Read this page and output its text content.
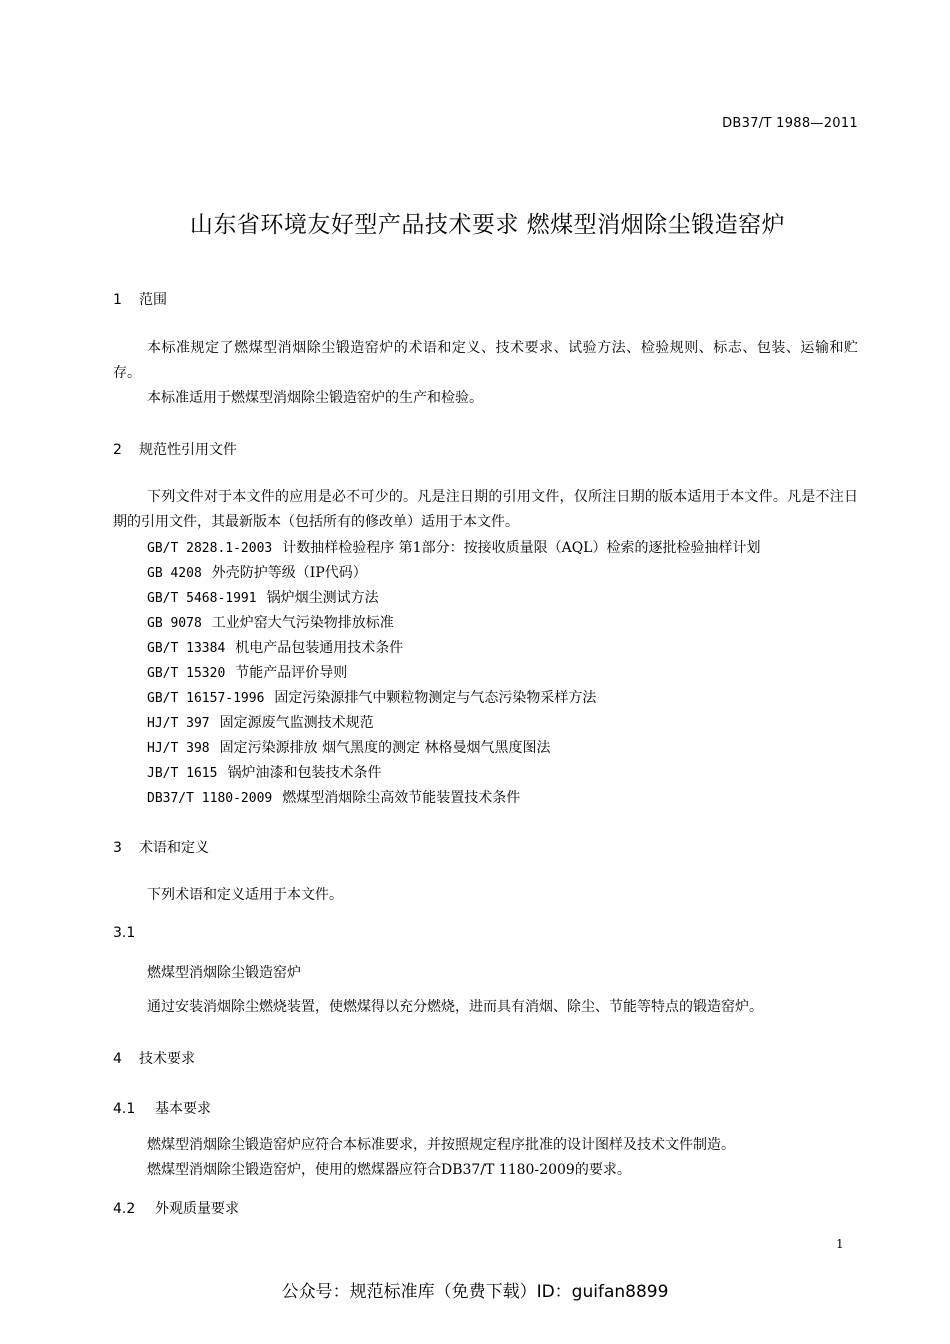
DB37/T 1988—2011
山东省环境友好型产品技术要求 燃煤型消烟除尘锻造窑炉
1 范围
本标准规定了燃煤型消烟除尘锻造窑炉的术语和定义、技术要求、试验方法、检验规则、标志、包装、运输和贮存。
本标准适用于燃煤型消烟除尘锻造窑炉的生产和检验。
2 规范性引用文件
下列文件对于本文件的应用是必不可少的。凡是注日期的引用文件，仅所注日期的版本适用于本文件。凡是不注日期的引用文件，其最新版本（包括所有的修改单）适用于本文件。
GB/T 2828.1-2003 计数抽样检验程序 第1部分：按接收质量限（AQL）检索的逐批检验抽样计划
GB 4208 外壳防护等级（IP代码）
GB/T 5468-1991 锅炉烟尘测试方法
GB 9078 工业炉窑大气污染物排放标准
GB/T 13384 机电产品包装通用技术条件
GB/T 15320 节能产品评价导则
GB/T 16157-1996 固定污染源排气中颗粒物测定与气态污染物采样方法
HJ/T 397 固定源废气监测技术规范
HJ/T 398 固定污染源排放 烟气黑度的测定 林格曼烟气黑度图法
JB/T 1615 锅炉油漆和包装技术条件
DB37/T 1180-2009 燃煤型消烟除尘高效节能装置技术条件
3 术语和定义
下列术语和定义适用于本文件。
3.1
燃煤型消烟除尘锻造窑炉
通过安装消烟除尘燃烧装置，使燃煤得以充分燃烧，进而具有消烟、除尘、节能等特点的锻造窑炉。
4 技术要求
4.1 基本要求
燃煤型消烟除尘锻造窑炉应符合本标准要求，并按照规定程序批准的设计图样及技术文件制造。
燃煤型消烟除尘锻造窑炉，使用的燃煤器应符合DB37/T 1180-2009的要求。
4.2 外观质量要求
1
公众号：规范标准库（免费下载）ID：guifan8899
